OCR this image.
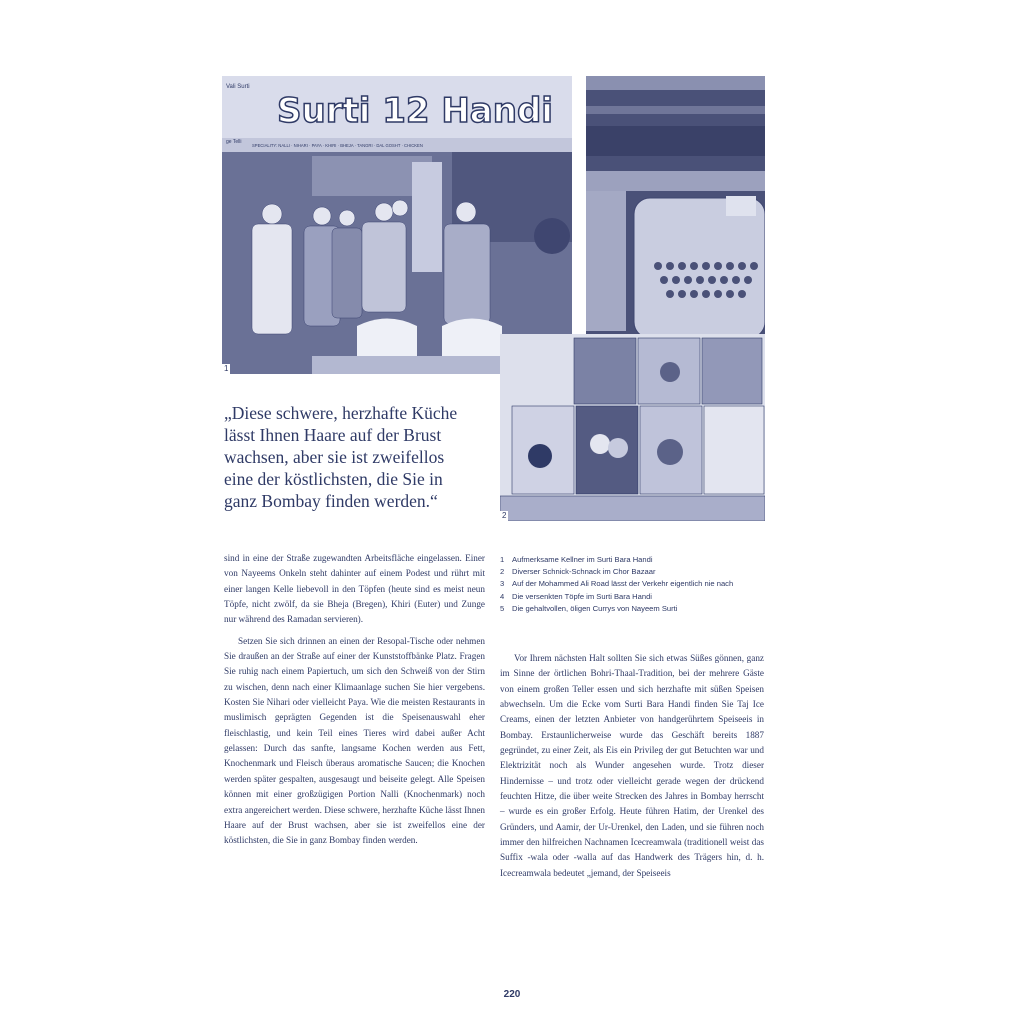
Vali Surti
ge Telli
Surti 12 Handi
SPECIALITY: NALLI · NIHARI · PAYA · KHIRI · BHEJA · TANGRI · DAL GOSHT · CHICKEN
1
2
„Diese schwere, herzhafte Küche
lässt Ihnen Haare auf der Brust
wachsen, aber sie ist zweifellos
eine der köstlichsten, die Sie in
ganz Bombay finden werden.“

sind in eine der Straße zugewandten Arbeitsfläche eingelassen. Einer von Nayeems Onkeln steht dahinter auf einem Podest und rührt mit einer langen Kelle liebevoll in den Töpfen (heute sind es meist neun Töpfe, nicht zwölf, da sie Bheja (Bregen), Khiri (Euter) und Zunge nur während des Ramadan servieren).

Setzen Sie sich drinnen an einen der Resopal-Tische oder nehmen Sie draußen an der Straße auf einer der Kunststoffbänke Platz. Fragen Sie ruhig nach einem Papiertuch, um sich den Schweiß von der Stirn zu wischen, denn nach einer Klimaanlage suchen Sie hier vergebens. Kosten Sie Nihari oder vielleicht Paya. Wie die meisten Restaurants in muslimisch geprägten Gegenden ist die Speisenauswahl eher fleischlastig, und kein Teil eines Tieres wird dabei außer Acht gelassen: Durch das sanfte, langsame Kochen werden aus Fett, Knochenmark und Fleisch überaus aromatische Saucen; die Knochen werden später gespalten, ausgesaugt und beiseite gelegt. Alle Speisen können mit einer großzügigen Portion Nalli (Knochenmark) noch extra angereichert werden. Diese schwere, herzhafte Küche lässt Ihnen Haare auf der Brust wachsen, aber sie ist zweifellos eine der köstlichsten, die Sie in ganz Bombay finden werden.

1	Aufmerksame Kellner im Surti Bara Handi
2	Diverser Schnick-Schnack im Chor Bazaar
3	Auf der Mohammed Ali Road lässt der Verkehr eigentlich nie nach
4	Die versenkten Töpfe im Surti Bara Handi
5	Die gehaltvollen, öligen Currys von Nayeem Surti

Vor Ihrem nächsten Halt sollten Sie sich etwas Süßes gönnen, ganz im Sinne der örtlichen Bohri-Thaal-Tradition, bei der mehrere Gäste von einem großen Teller essen und sich herzhafte mit süßen Speisen abwechseln. Um die Ecke vom Surti Bara Handi finden Sie Taj Ice Creams, einen der letzten Anbieter von handgerührtem Speiseeis in Bombay. Erstaunlicherweise wurde das Geschäft bereits 1887 gegründet, zu einer Zeit, als Eis ein Privileg der gut Betuchten war und Elektrizität noch als Wunder angesehen wurde. Trotz dieser Hindernisse – und trotz oder vielleicht gerade wegen der drückend feuchten Hitze, die über weite Strecken des Jahres in Bombay herrscht – wurde es ein großer Erfolg. Heute führen Hatim, der Urenkel des Gründers, und Aamir, der Ur-Urenkel, den Laden, und sie führen noch immer den hilfreichen Nachnamen Icecreamwala (traditionell weist das Suffix -wala oder -walla auf das Handwerk des Trägers hin, d. h. Icecreamwala bedeutet „jemand, der Speiseeis

220
